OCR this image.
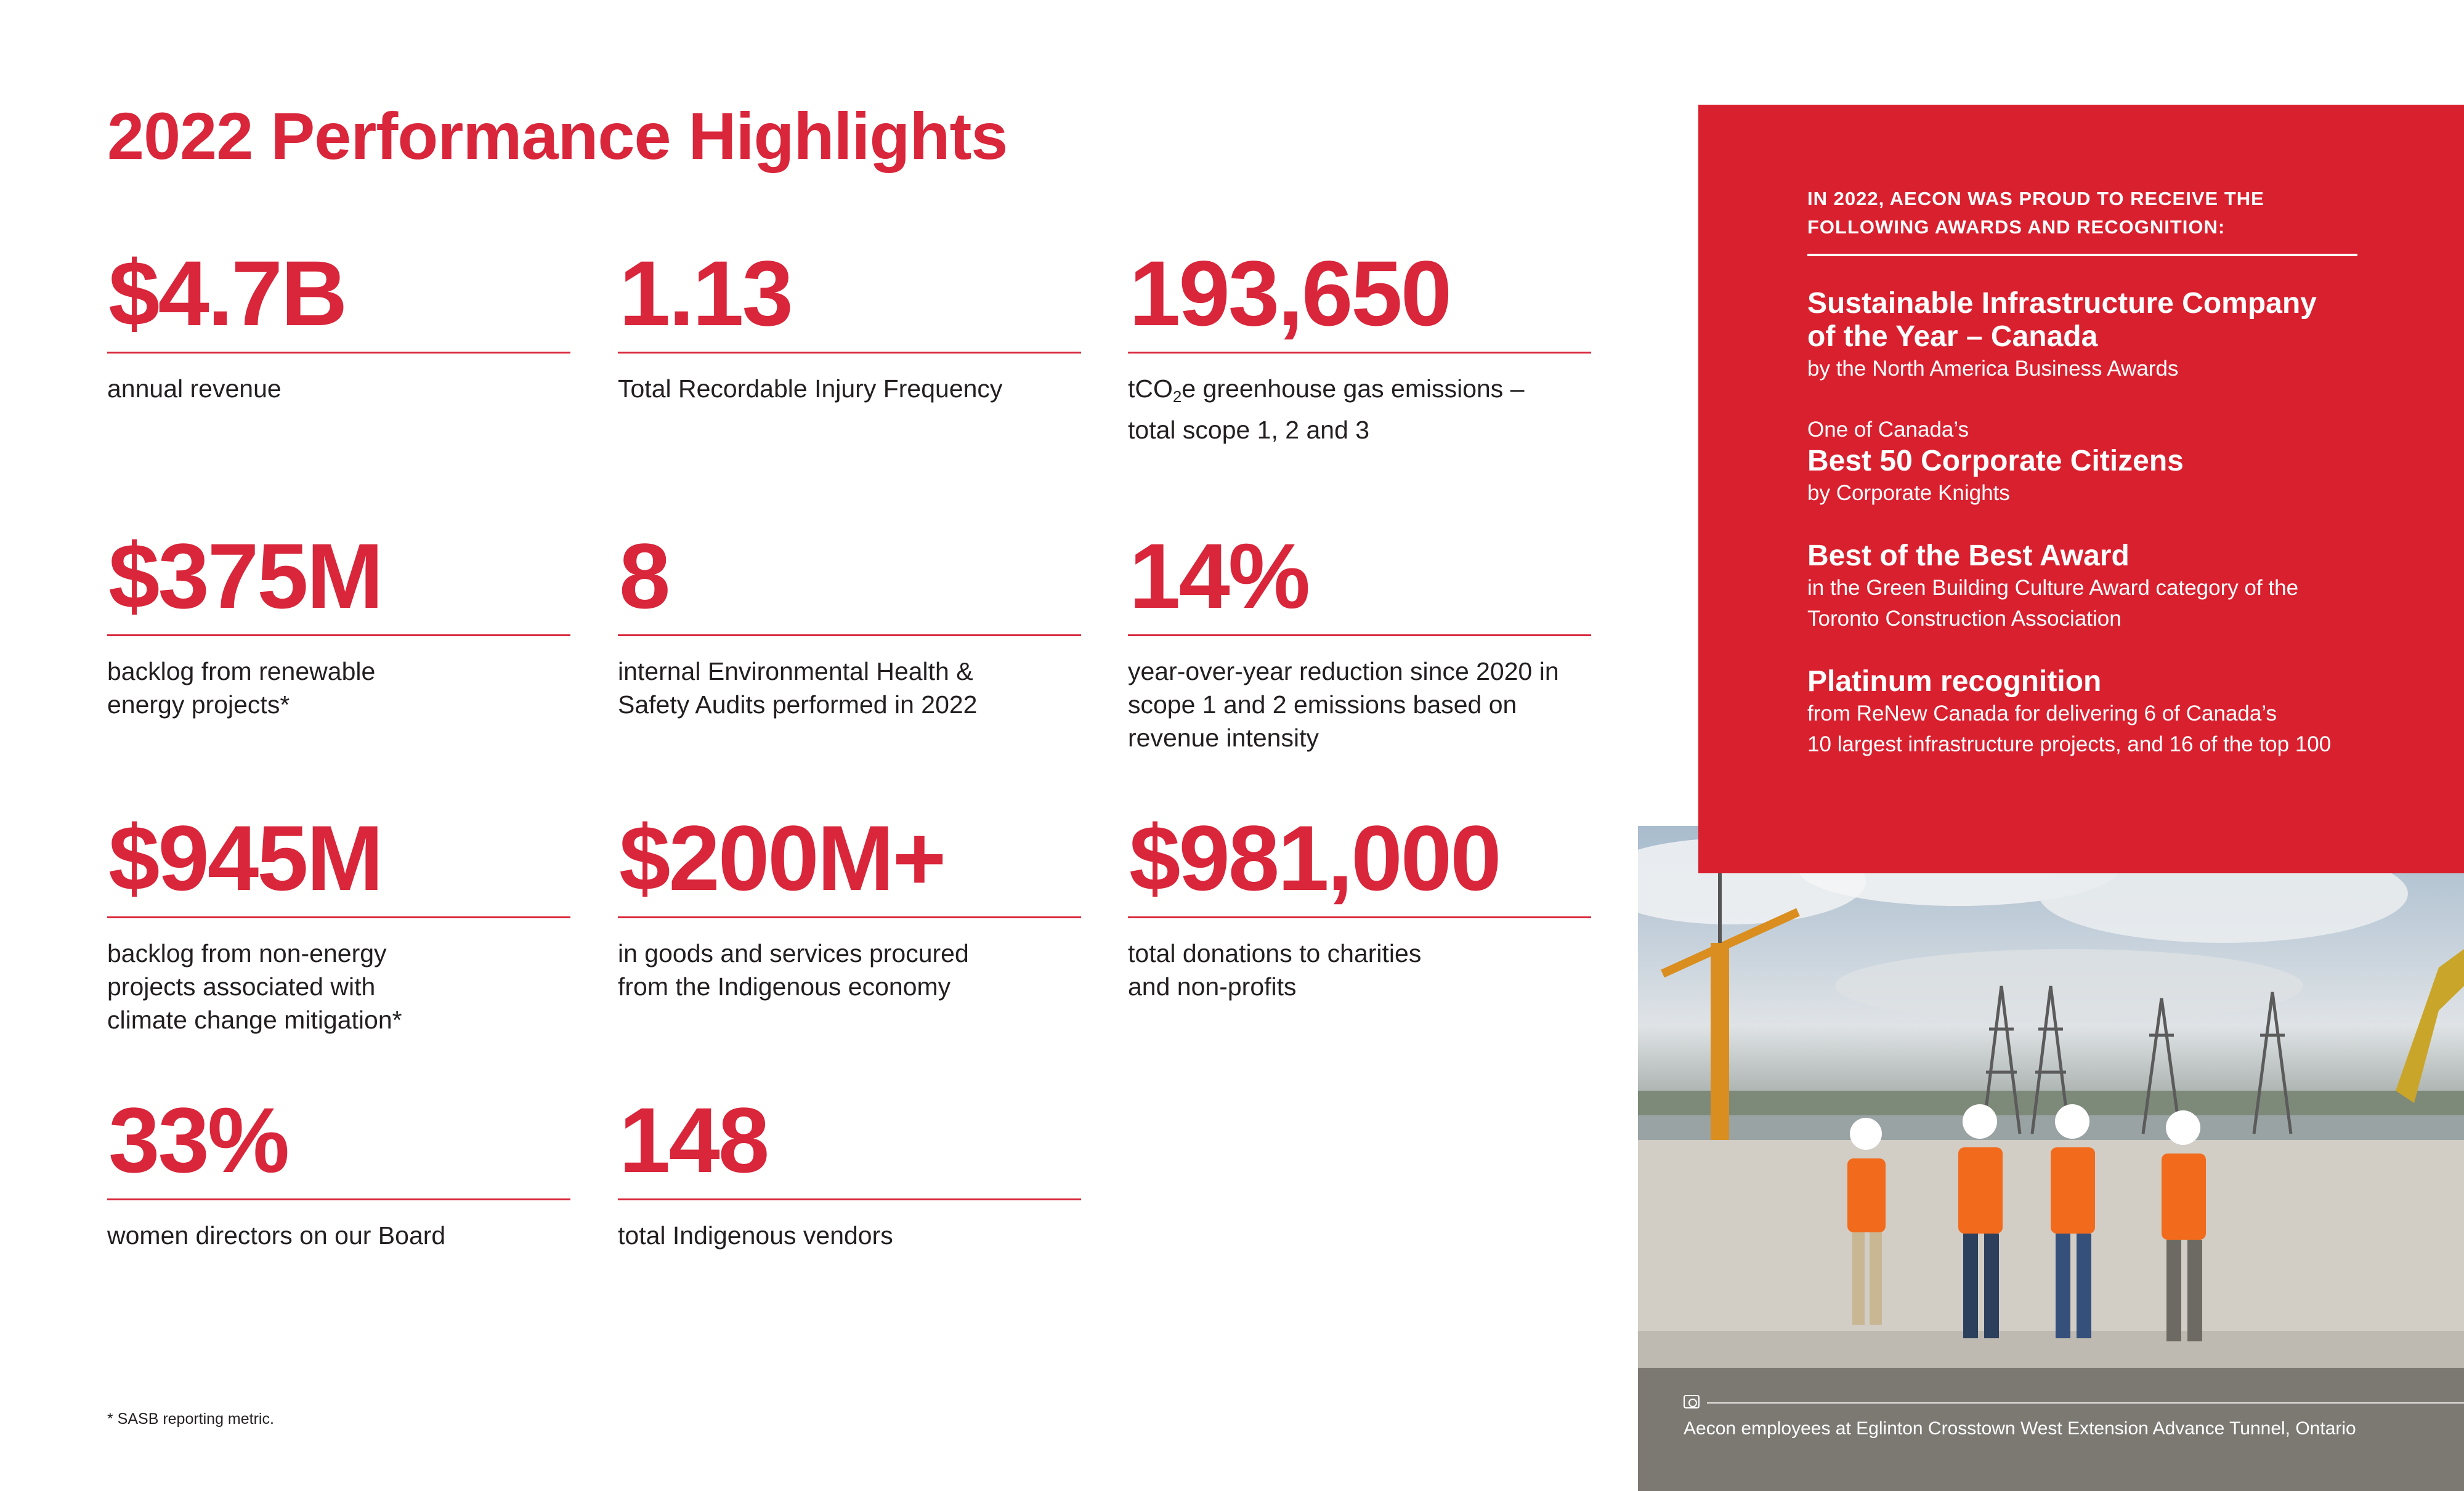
2022 Performance Highlights
$4.7B
annual revenue
1.13
Total Recordable Injury Frequency
193,650
tCO$_2$e greenhouse gas emissions –
total scope 1, 2 and 3
$375M
backlog from renewable
energy projects*
8
internal Environmental Health &
Safety Audits performed in 2022
14%
year-over-year reduction since 2020 in
scope 1 and 2 emissions based on
revenue intensity
$945M
backlog from non-energy
projects associated with
climate change mitigation*
$200M+
in goods and services procured
from the Indigenous economy
$981,000
total donations to charities
and non-profits
33%
women directors on our Board
148
total Indigenous vendors
* SASB reporting metric.	Aecon employees at Eglinton Crosstown West Extension Advance Tunnel, Ontario
IN 2022, AECON WAS PROUD TO RECEIVE THE
FOLLOWING AWARDS AND RECOGNITION:
Sustainable Infrastructure Company
of the Year – Canada
by the North America Business Awards
One of Canada’s
Best 50 Corporate Citizens
by Corporate Knights
Best of the Best Award
in the Green Building Culture Award category of the
Toronto Construction Association
Platinum recognition
from ReNew Canada for delivering 6 of Canada’s
10 largest infrastructure projects, and 16 of the top 100
